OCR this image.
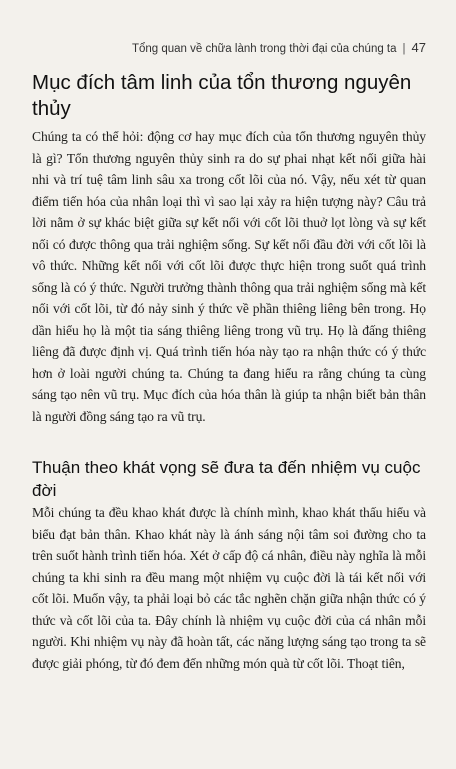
Tổng quan về chữa lành trong thời đại của chúng ta | 47
Mục đích tâm linh của tổn thương nguyên thủy

Chúng ta có thể hỏi: động cơ hay mục đích của tổn thương nguyên thủy là gì? Tổn thương nguyên thủy sinh ra do sự phai nhạt kết nối giữa hài nhi và trí tuệ tâm linh sâu xa trong cốt lõi của nó. Vậy, nếu xét từ quan điểm tiến hóa của nhân loại thì vì sao lại xảy ra hiện tượng này? Câu trả lời nằm ở sự khác biệt giữa sự kết nối với cốt lõi thuở lọt lòng và sự kết nối có được thông qua trải nghiệm sống. Sự kết nối đầu đời với cốt lõi là vô thức. Những kết nối với cốt lõi được thực hiện trong suốt quá trình sống là có ý thức. Người trưởng thành thông qua trải nghiệm sống mà kết nối với cốt lõi, từ đó nảy sinh ý thức về phần thiêng liêng bên trong. Họ dần hiểu họ là một tia sáng thiêng liêng trong vũ trụ. Họ là đấng thiêng liêng đã được định vị. Quá trình tiến hóa này tạo ra nhận thức có ý thức hơn ở loài người chúng ta. Chúng ta đang hiểu ra rằng chúng ta cùng sáng tạo nên vũ trụ. Mục đích của hóa thân là giúp ta nhận biết bản thân là người đồng sáng tạo ra vũ trụ.

Thuận theo khát vọng sẽ đưa ta đến nhiệm vụ cuộc đời

Mỗi chúng ta đều khao khát được là chính mình, khao khát thấu hiểu và biểu đạt bản thân. Khao khát này là ánh sáng nội tâm soi đường cho ta trên suốt hành trình tiến hóa. Xét ở cấp độ cá nhân, điều này nghĩa là mỗi chúng ta khi sinh ra đều mang một nhiệm vụ cuộc đời là tái kết nối với cốt lõi. Muốn vậy, ta phải loại bỏ các tắc nghẽn chặn giữa nhận thức có ý thức và cốt lõi của ta. Đây chính là nhiệm vụ cuộc đời của cá nhân mỗi người. Khi nhiệm vụ này đã hoàn tất, các năng lượng sáng tạo trong ta sẽ được giải phóng, từ đó đem đến những món quà từ cốt lõi. Thoạt tiên,
